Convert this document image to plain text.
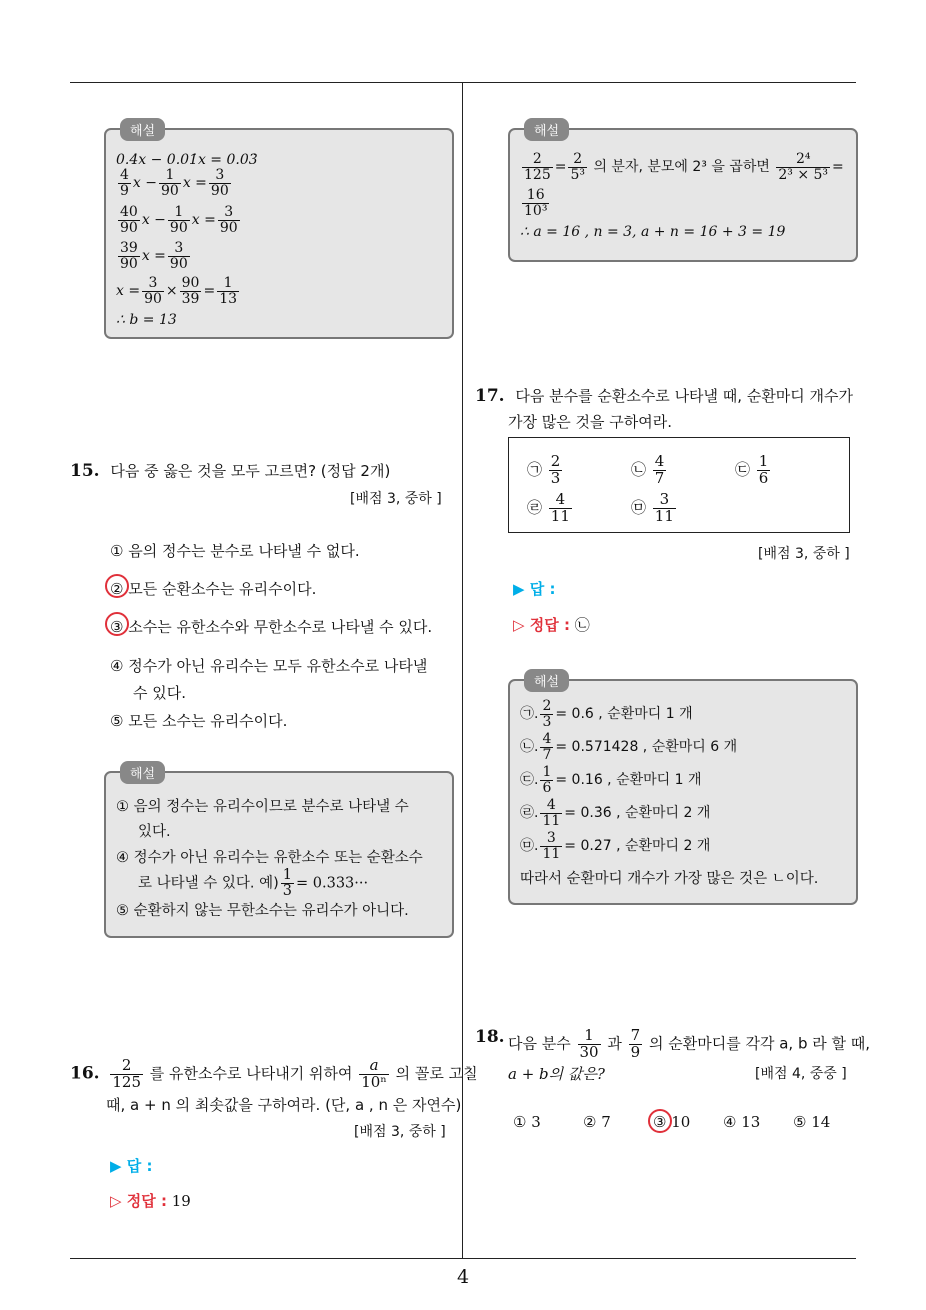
4
해설
0.4̇x − 0.01̇x = 0.03̇
$\frac{4}{9}$ $x - \frac{1}{90}$ $x = \frac{3}{90}$
$\frac{40}{90}$ $x - \frac{1}{90}$ $x = \frac{3}{90}$
$\frac{39}{90}$ $x = \frac{3}{90}$
$x = \frac{3}{90} \times \frac{90}{39} = \frac{1}{13}$
∴ b = 13
15. 다음 중 옳은 것을 모두 고르면? (정답 2개)
[배점 3, 중하 ]
① 음의 정수는 분수로 나타낼 수 없다.
② 모든 순환소수는 유리수이다.
③ 소수는 유한소수와 무한소수로 나타낼 수 있다.
④ 정수가 아닌 유리수는 모두 유한소수로 나타낼
수 있다.
⑤ 모든 소수는 유리수이다.
해설
① 음의 정수는 유리수이므로 분수로 나타낼 수
있다.
④ 정수가 아닌 유리수는 유한소수 또는 순환소수
로 나타낼 수 있다. 예) $\frac{1}{3} = 0.333\cdot\cdot\cdot$
⑤ 순환하지 않는 무한소수는 유리수가 아니다.
16. $\frac{2}{125}$ 를 유한소수로 나타내기 위하여 $\frac{a}{\text{10ⁿ}}$ 의 꼴로 고칠
때, a + n 의 최솟값을 구하여라. (단, a , n 은 자연수)
[배점 3, 중하 ]
▶ 답 :
▷ 정답 : 19
해설
$\frac{2}{125} = \frac{2}{\text{5³}}$ 의 분자, 분모에 2³ 을 곱하면 $\frac{\text{2⁴}}{\text{2³ × 5³}}$ =
$\frac{16}{\text{10³}}$
∴ a = 16 , n = 3, a + n = 16 + 3 = 19
17. 다음 분수를 순환소수로 나타낼 때, 순환마디 개수가
가장 많은 것을 구하여라.
㉠ $\frac{2}{3}$	㉡ $\frac{4}{7}$	㉢ $\frac{1}{6}$
㉣ $\frac{4}{11}$	㉤ $\frac{3}{11}$
[배점 3, 중하 ]
▶ 답 :
▷ 정답 : ㉡
해설
㉠. $\frac{2}{3}$ = 0.6̇ , 순환마디 1 개
㉡. $\frac{4}{7}$ = 0.5̇71428̇ , 순환마디 6 개
㉢. $\frac{1}{6}$ = 0.16̇ , 순환마디 1 개
㉣. $\frac{4}{11}$ = 0.3̇6̇ , 순환마디 2 개
㉤. $\frac{3}{11}$ = 0.2̇7̇ , 순환마디 2 개
따라서 순환마디 개수가 가장 많은 것은 ㄴ이다.
18. 다음 분수 $\frac{1}{30}$ 과 $\frac{7}{9}$ 의 순환마디를 각각 a, b 라 할 때,
a + b의 값은?	[배점 4, 중중 ]
① 3	② 7	③ 10 ④ 13 ⑤ 14
